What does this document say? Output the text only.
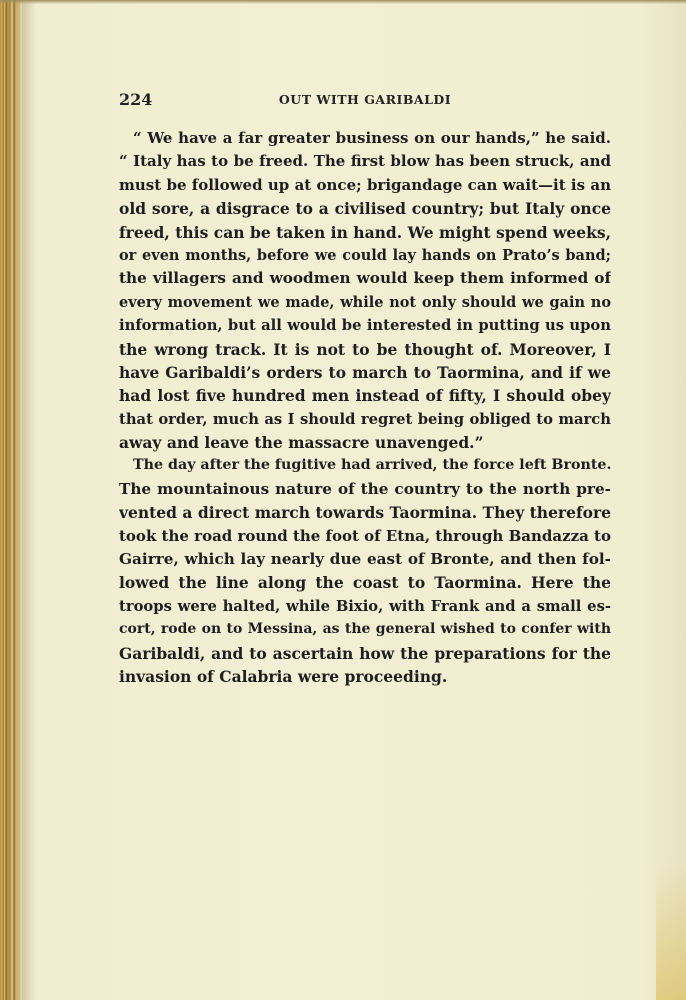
224	OUT WITH GARIBALDI
“ We have a far greater business on our hands,” he said.
“ Italy has to be freed. The first blow has been struck, and
must be followed up at once; brigandage can wait—it is an
old sore, a disgrace to a civilised country; but Italy once
freed, this can be taken in hand. We might spend weeks,
or even months, before we could lay hands on Prato’s band;
the villagers and woodmen would keep them informed of
every movement we made, while not only should we gain no
information, but all would be interested in putting us upon
the wrong track. It is not to be thought of. Moreover, I
have Garibaldi’s orders to march to Taormina, and if we
had lost five hundred men instead of fifty, I should obey
that order, much as I should regret being obliged to march
away and leave the massacre unavenged.”
The day after the fugitive had arrived, the force left Bronte.
The mountainous nature of the country to the north pre-
vented a direct march towards Taormina. They therefore
took the road round the foot of Etna, through Bandazza to
Gairre, which lay nearly due east of Bronte, and then fol-
lowed the line along the coast to Taormina. Here the
troops were halted, while Bixio, with Frank and a small es-
cort, rode on to Messina, as the general wished to confer with
Garibaldi, and to ascertain how the preparations for the
invasion of Calabria were proceeding.
